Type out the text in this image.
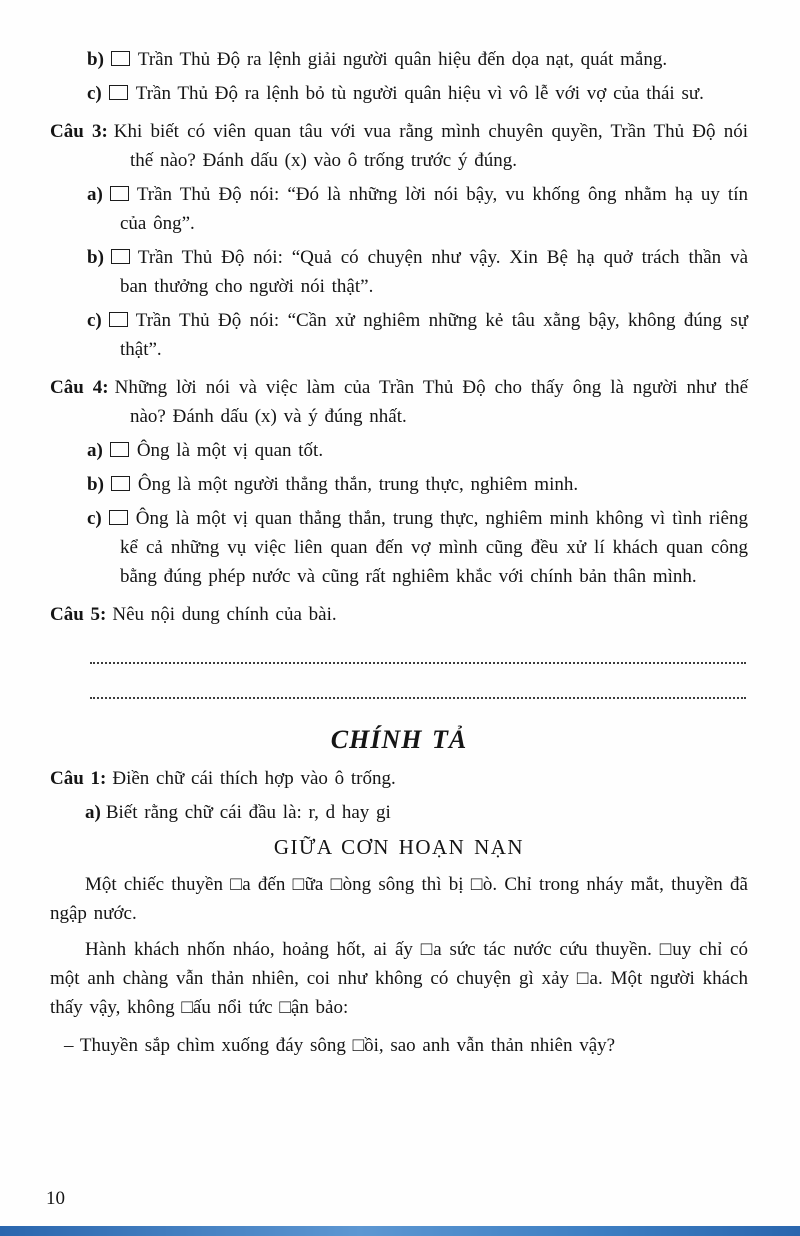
b) Trần Thủ Độ ra lệnh giải người quân hiệu đến dọa nạt, quát mắng.
c) Trần Thủ Độ ra lệnh bỏ tù người quân hiệu vì vô lễ với vợ của thái sư.
Câu 3: Khi biết có viên quan tâu với vua rằng mình chuyên quyền, Trần Thủ Độ nói thế nào? Đánh dấu (x) vào ô trống trước ý đúng.
a) Trần Thủ Độ nói: “Đó là những lời nói bậy, vu khống ông nhằm hạ uy tín của ông”.
b) Trần Thủ Độ nói: “Quả có chuyện như vậy. Xin Bệ hạ quở trách thần và ban thưởng cho người nói thật”.
c) Trần Thủ Độ nói: “Cần xử nghiêm những kẻ tâu xằng bậy, không đúng sự thật”.
Câu 4: Những lời nói và việc làm của Trần Thủ Độ cho thấy ông là người như thế nào? Đánh dấu (x) và ý đúng nhất.
a) Ông là một vị quan tốt.
b) Ông là một người thẳng thắn, trung thực, nghiêm minh.
c) Ông là một vị quan thẳng thắn, trung thực, nghiêm minh không vì tình riêng kể cả những vụ việc liên quan đến vợ mình cũng đều xử lí khách quan công bằng đúng phép nước và cũng rất nghiêm khắc với chính bản thân mình.
Câu 5: Nêu nội dung chính của bài.
CHÍNH TẢ
Câu 1: Điền chữ cái thích hợp vào ô trống.
a) Biết rằng chữ cái đầu là: r, d hay gi
GIỮA CƠN HOẠN NẠN
Một chiếc thuyền □a đến □ữa □òng sông thì bị □ò. Chỉ trong nháy mắt, thuyền đã ngập nước.
Hành khách nhốn nháo, hoảng hốt, ai ấy □a sức tác nước cứu thuyền. □uy chỉ có một anh chàng vẫn thản nhiên, coi như không có chuyện gì xảy □a. Một người khách thấy vậy, không □ấu nổi tức □ận bảo:
– Thuyền sắp chìm xuống đáy sông □ồi, sao anh vẫn thản nhiên vậy?
10
